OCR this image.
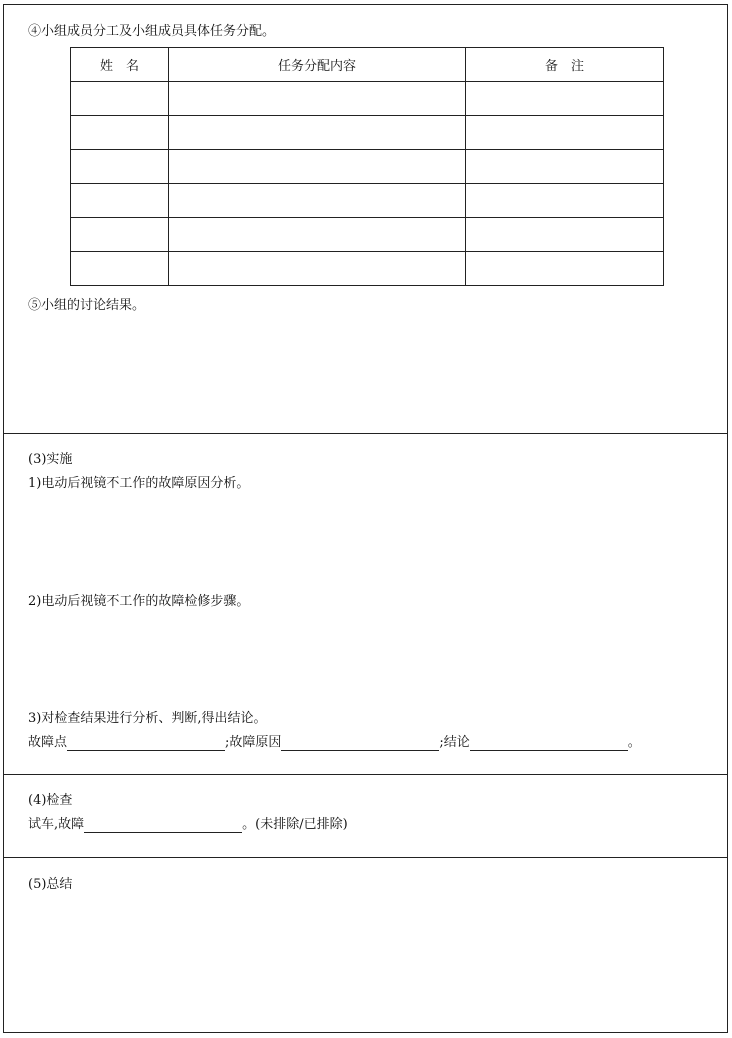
④小组成员分工及小组成员具体任务分配。
姓　名	任务分配内容	备　注

⑤小组的讨论结果。
(3)实施
1)电动后视镜不工作的故障原因分析。
2)电动后视镜不工作的故障检修步骤。
3)对检查结果进行分析、判断,得出结论。
故障点	;故障原因	;结论	。
(4)检查
试车,故障	。(未排除/已排除)
(5)总结
